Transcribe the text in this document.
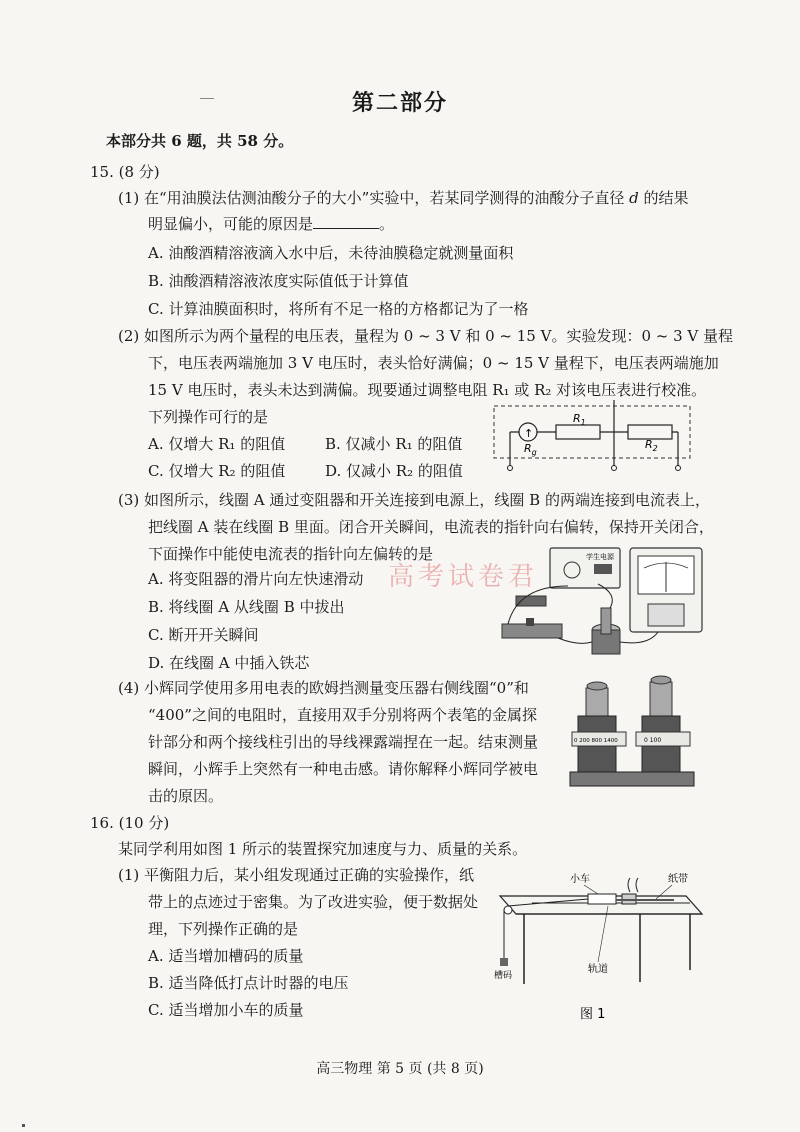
第二部分
本部分共 6 题，共 58 分。
15. (8 分)
(1) 在“用油膜法估测油酸分子的大小”实验中，若某同学测得的油酸分子直径 d 的结果
明显偏小，可能的原因是	。
A. 油酸酒精溶液滴入水中后，未待油膜稳定就测量面积
B. 油酸酒精溶液浓度实际值低于计算值
C. 计算油膜面积时，将所有不足一格的方格都记为了一格
(2) 如图所示为两个量程的电压表，量程为 0 ~ 3 V 和 0 ~ 15 V。实验发现：0 ~ 3 V 量程
下，电压表两端施加 3 V 电压时，表头恰好满偏；0 ~ 15 V 量程下，电压表两端施加
15 V 电压时，表头未达到满偏。现要通过调整电阻 R₁ 或 R₂ 对该电压表进行校准。
下列操作可行的是
A. 仅增大 R₁ 的阻值	B. 仅减小 R₁ 的阻值
C. 仅增大 R₂ 的阻值	D. 仅减小 R₂ 的阻值
↑
$R_g$
$R_1$
$R_2$
(3) 如图所示，线圈 A 通过变阻器和开关连接到电源上，线圈 B 的两端连接到电流表上，
把线圈 A 装在线圈 B 里面。闭合开关瞬间，电流表的指针向右偏转，保持开关闭合，
下面操作中能使电流表的指针向左偏转的是
A. 将变阻器的滑片向左快速滑动
B. 将线圈 A 从线圈 B 中拔出
C. 断开开关瞬间
D. 在线圈 A 中插入铁芯
学生电源
(4) 小辉同学使用多用电表的欧姆挡测量变压器右侧线圈“0”和
“400”之间的电阻时，直接用双手分别将两个表笔的金属探
针部分和两个接线柱引出的导线裸露端捏在一起。结束测量
瞬间，小辉手上突然有一种电击感。请你解释小辉同学被电
击的原因。
0 200 800 1400	0 100
16. (10 分)
某同学利用如图 1 所示的装置探究加速度与力、质量的关系。
(1) 平衡阻力后，某小组发现通过正确的实验操作，纸
带上的点迹过于密集。为了改进实验，便于数据处
理，下列操作正确的是
A. 适当增加槽码的质量
B. 适当降低打点计时器的电压
C. 适当增加小车的质量
小车	纸带
轨道
槽码
图 1
高考试卷君
高三物理 第 5 页 (共 8 页)
